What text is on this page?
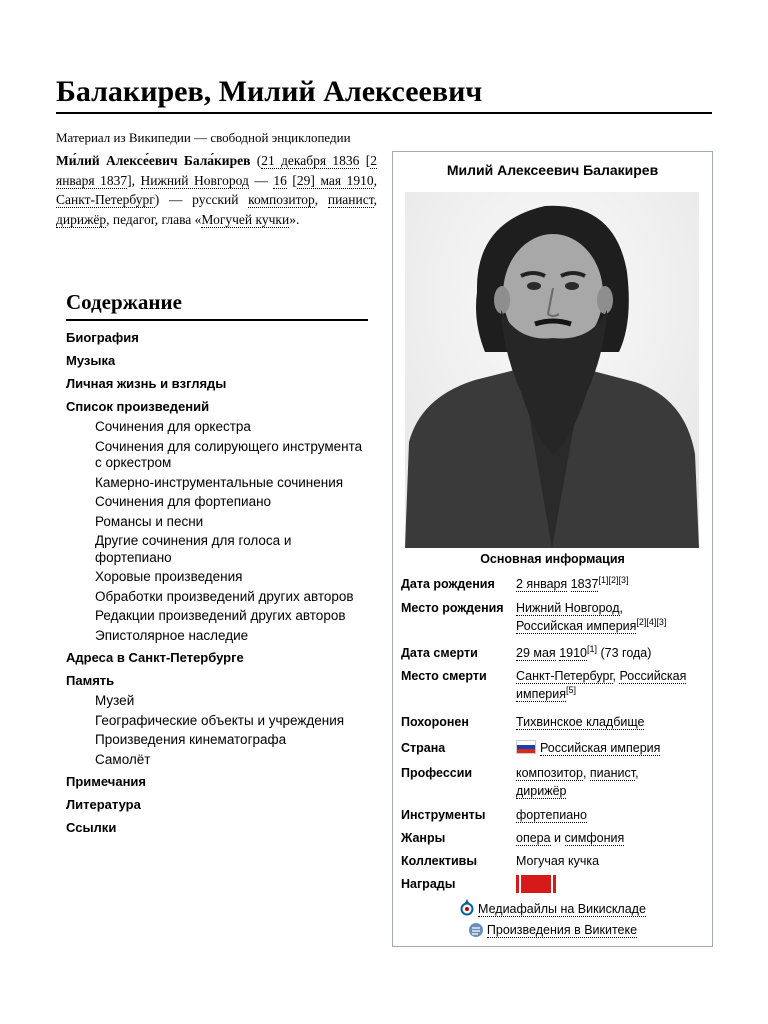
Балакирев, Милий Алексеевич
Материал из Википедии — свободной энциклопедии
Ми́лий Алексе́евич Бала́кирев (21 декабря 1836 [2 января 1837], Нижний Новгород — 16 [29] мая 1910, Санкт-Петербург) — русский композитор, пианист, дирижёр, педагог, глава «Могучей кучки».
Содержание
Биография
Музыка
Личная жизнь и взгляды
Список произведений
Сочинения для оркестра
Сочинения для солирующего инструмента с оркестром
Камерно-инструментальные сочинения
Сочинения для фортепиано
Романсы и песни
Другие сочинения для голоса и фортепиано
Хоровые произведения
Обработки произведений других авторов
Редакции произведений других авторов
Эпистолярное наследие
Адреса в Санкт-Петербурге
Память
Музей
Географические объекты и учреждения
Произведения кинематографа
Самолёт
Примечания
Литература
Ссылки
Милий Алексеевич Балакирев
Основная информация
Дата рождения	2 января 1837[1][2][3]
Место рождения Нижний Новгород,
Российская империя[2][4][3]
Дата смерти	29 мая 1910[1] (73 года)
Место смерти	Санкт-Петербург, Российская
империя[5]
Похоронен	Тихвинское кладбище
Страна	Российская империя
Профессии	композитор, пианист,
дирижёр
Инструменты	фортепиано
Жанры	опера и симфония
Коллективы	Могучая кучка
Награды
Медиафайлы на Викискладе
Произведения в Викитеке
